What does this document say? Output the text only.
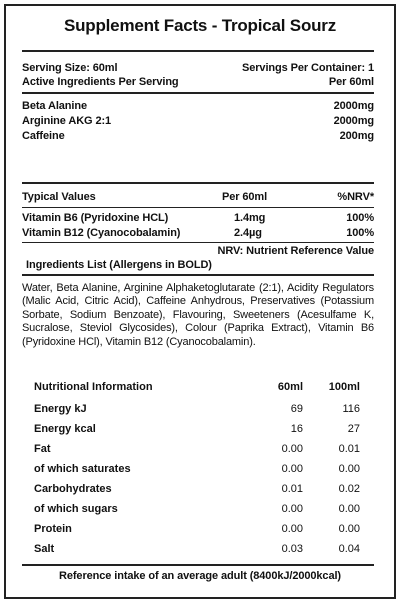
Supplement Facts - Tropical Sourz
Serving Size: 60ml	Servings Per Container: 1
Active Ingredients Per Serving	Per 60ml
Beta Alanine	2000mg
Arginine AKG 2:1	2000mg
Caffeine	200mg
Typical Values	Per 60ml	%NRV*
Vitamin B6 (Pyridoxine HCL)	1.4mg	100%
Vitamin B12 (Cyanocobalamin)	2.4µg	100%
NRV: Nutrient Reference Value
Ingredients List (Allergens in BOLD)
Water, Beta Alanine, Arginine Alphaketoglutarate (2:1), Acidity Regulators (Malic Acid, Citric Acid), Caffeine Anhydrous, Preservatives (Potassium Sorbate, Sodium Benzoate), Flavouring, Sweeteners (Acesulfame K, Sucralose, Steviol Glycosides), Colour (Paprika Extract), Vitamin B6 (Pyridoxine HCl), Vitamin B12 (Cyanocobalamin).
Nutritional Information	60ml	100ml
Energy kJ	69	116
Energy kcal	16	27
Fat	0.00	0.01
of which saturates	0.00	0.00
Carbohydrates	0.01	0.02
of which sugars	0.00	0.00
Protein	0.00	0.00
Salt	0.03	0.04
Reference intake of an average adult (8400kJ/2000kcal)
